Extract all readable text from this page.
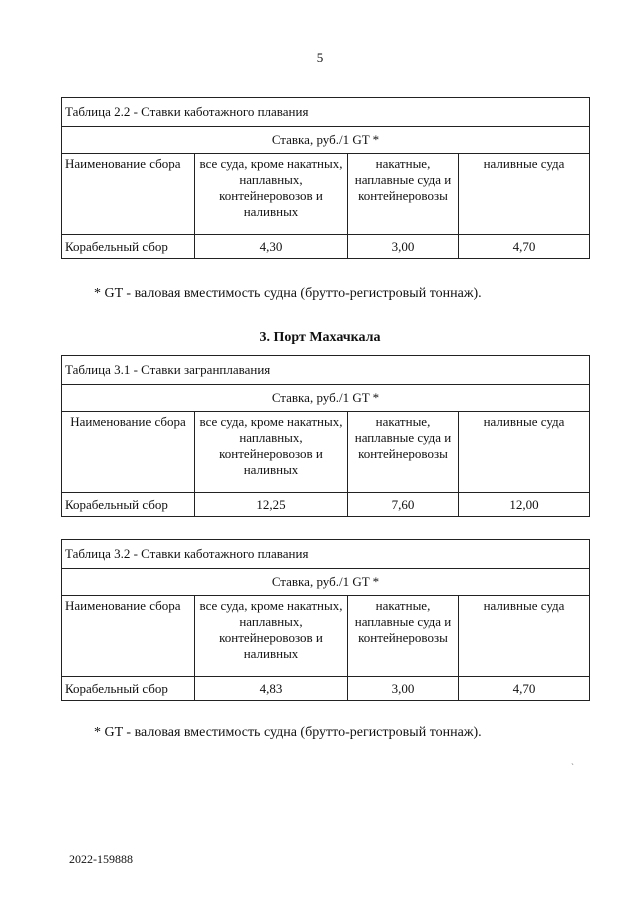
5
Таблица 2.2 - Ставки каботажного плавания			
Ставка, руб./1 GT *			
Наименование сбора	все суда, кроме накатных, наплавных, контейнеровозов и наливных	накатные, наплавные суда и контейнеровозы	наливные суда
Корабельный сбор	4,30	3,00	4,70
* GT - валовая вместимость судна (брутто-регистровый тоннаж).
3. Порт Махачкала
Таблица 3.1 - Ставки загранплавания			
Ставка, руб./1 GT *			
Наименование сбора	все суда, кроме накатных, наплавных, контейнеровозов и наливных	накатные, наплавные суда и контейнеровозы	наливные суда
Корабельный сбор	12,25	7,60	12,00
Таблица 3.2 - Ставки каботажного плавания			
Ставка, руб./1 GT *			
Наименование сбора	все суда, кроме накатных, наплавных, контейнеровозов и наливных	накатные, наплавные суда и контейнеровозы	наливные суда
Корабельный сбор	4,83	3,00	4,70
* GT - валовая вместимость судна (брутто-регистровый тоннаж).
`
2022-159888
